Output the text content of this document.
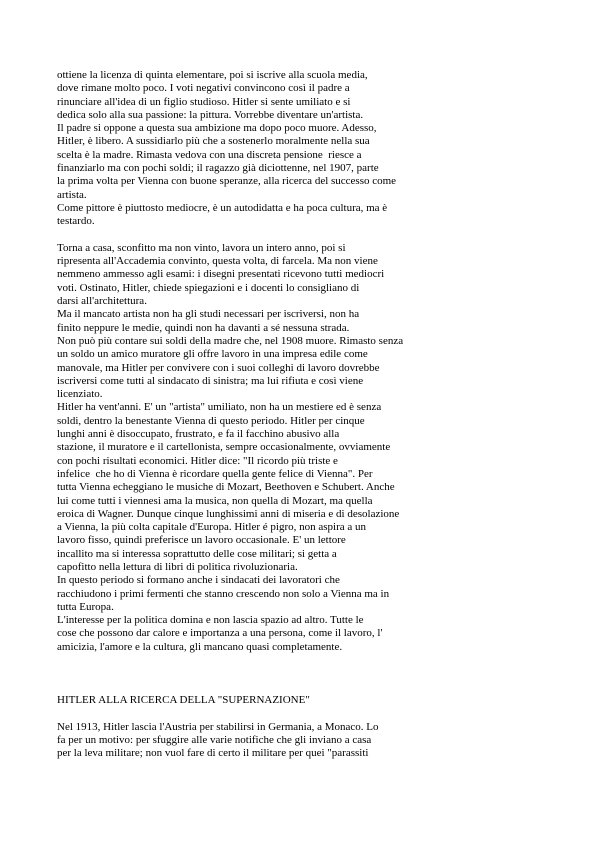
ottiene la licenza di quinta elementare, poi si iscrive alla scuola media,
dove rimane molto poco. I voti negativi convincono così il padre a
rinunciare all'idea di un figlio studioso. Hitler si sente umiliato e si
dedica solo alla sua passione: la pittura. Vorrebbe diventare un'artista.
Il padre si oppone a questa sua ambizione ma dopo poco muore. Adesso,
Hitler, è libero. A sussidiarlo più che a sostenerlo moralmente nella sua
scelta è la madre. Rimasta vedova con una discreta pensione  riesce a
finanziarlo ma con pochi soldi; il ragazzo già diciottenne, nel 1907, parte
la prima volta per Vienna con buone speranze, alla ricerca del successo come
artista.
Come pittore è piuttosto mediocre, è un autodidatta e ha poca cultura, ma è
testardo.
Torna a casa, sconfitto ma non vinto, lavora un intero anno, poi si
ripresenta all'Accademia convinto, questa volta, di farcela. Ma non viene
nemmeno ammesso agli esami: i disegni presentati ricevono tutti mediocri
voti. Ostinato, Hitler, chiede spiegazioni e i docenti lo consigliano di
darsi all'architettura.
Ma il mancato artista non ha gli studi necessari per iscriversi, non ha
finito neppure le medie, quindi non ha davanti a sé nessuna strada.
Non può più contare sui soldi della madre che, nel 1908 muore. Rimasto senza
un soldo un amico muratore gli offre lavoro in una impresa edile come
manovale, ma Hitler per convivere con i suoi colleghi di lavoro dovrebbe
iscriversi come tutti al sindacato di sinistra; ma lui rifiuta e così viene
licenziato.
Hitler ha vent'anni. E' un "artista" umiliato, non ha un mestiere ed è senza
soldi, dentro la benestante Vienna di questo periodo. Hitler per cinque
lunghi anni è disoccupato, frustrato, e fa il facchino abusivo alla
stazione, il muratore e il cartellonista, sempre occasionalmente, ovviamente
con pochi risultati economici. Hitler dice: "Il ricordo più triste e
infelice  che ho di Vienna è ricordare quella gente felice di Vienna". Per
tutta Vienna echeggiano le musiche di Mozart, Beethoven e Schubert. Anche
lui come tutti i viennesi ama la musica, non quella di Mozart, ma quella
eroica di Wagner. Dunque cinque lunghissimi anni di miseria e di desolazione
a Vienna, la più colta capitale d'Europa. Hitler é pigro, non aspira a un
lavoro fisso, quindi preferisce un lavoro occasionale. E' un lettore
incallito ma si interessa soprattutto delle cose militari; si getta a
capofitto nella lettura di libri di politica rivoluzionaria.
In questo periodo si formano anche i sindacati dei lavoratori che
racchiudono i primi fermenti che stanno crescendo non solo a Vienna ma in
tutta Europa.
L'interesse per la politica domina e non lascia spazio ad altro. Tutte le
cose che possono dar calore e importanza a una persona, come il lavoro, l'
amicizia, l'amore e la cultura, gli mancano quasi completamente.
HITLER ALLA RICERCA DELLA "SUPERNAZIONE"
Nel 1913, Hitler lascia l'Austria per stabilirsi in Germania, a Monaco. Lo
fa per un motivo: per sfuggire alle varie notifiche che gli inviano a casa
per la leva militare; non vuol fare di certo il militare per quei "parassiti
